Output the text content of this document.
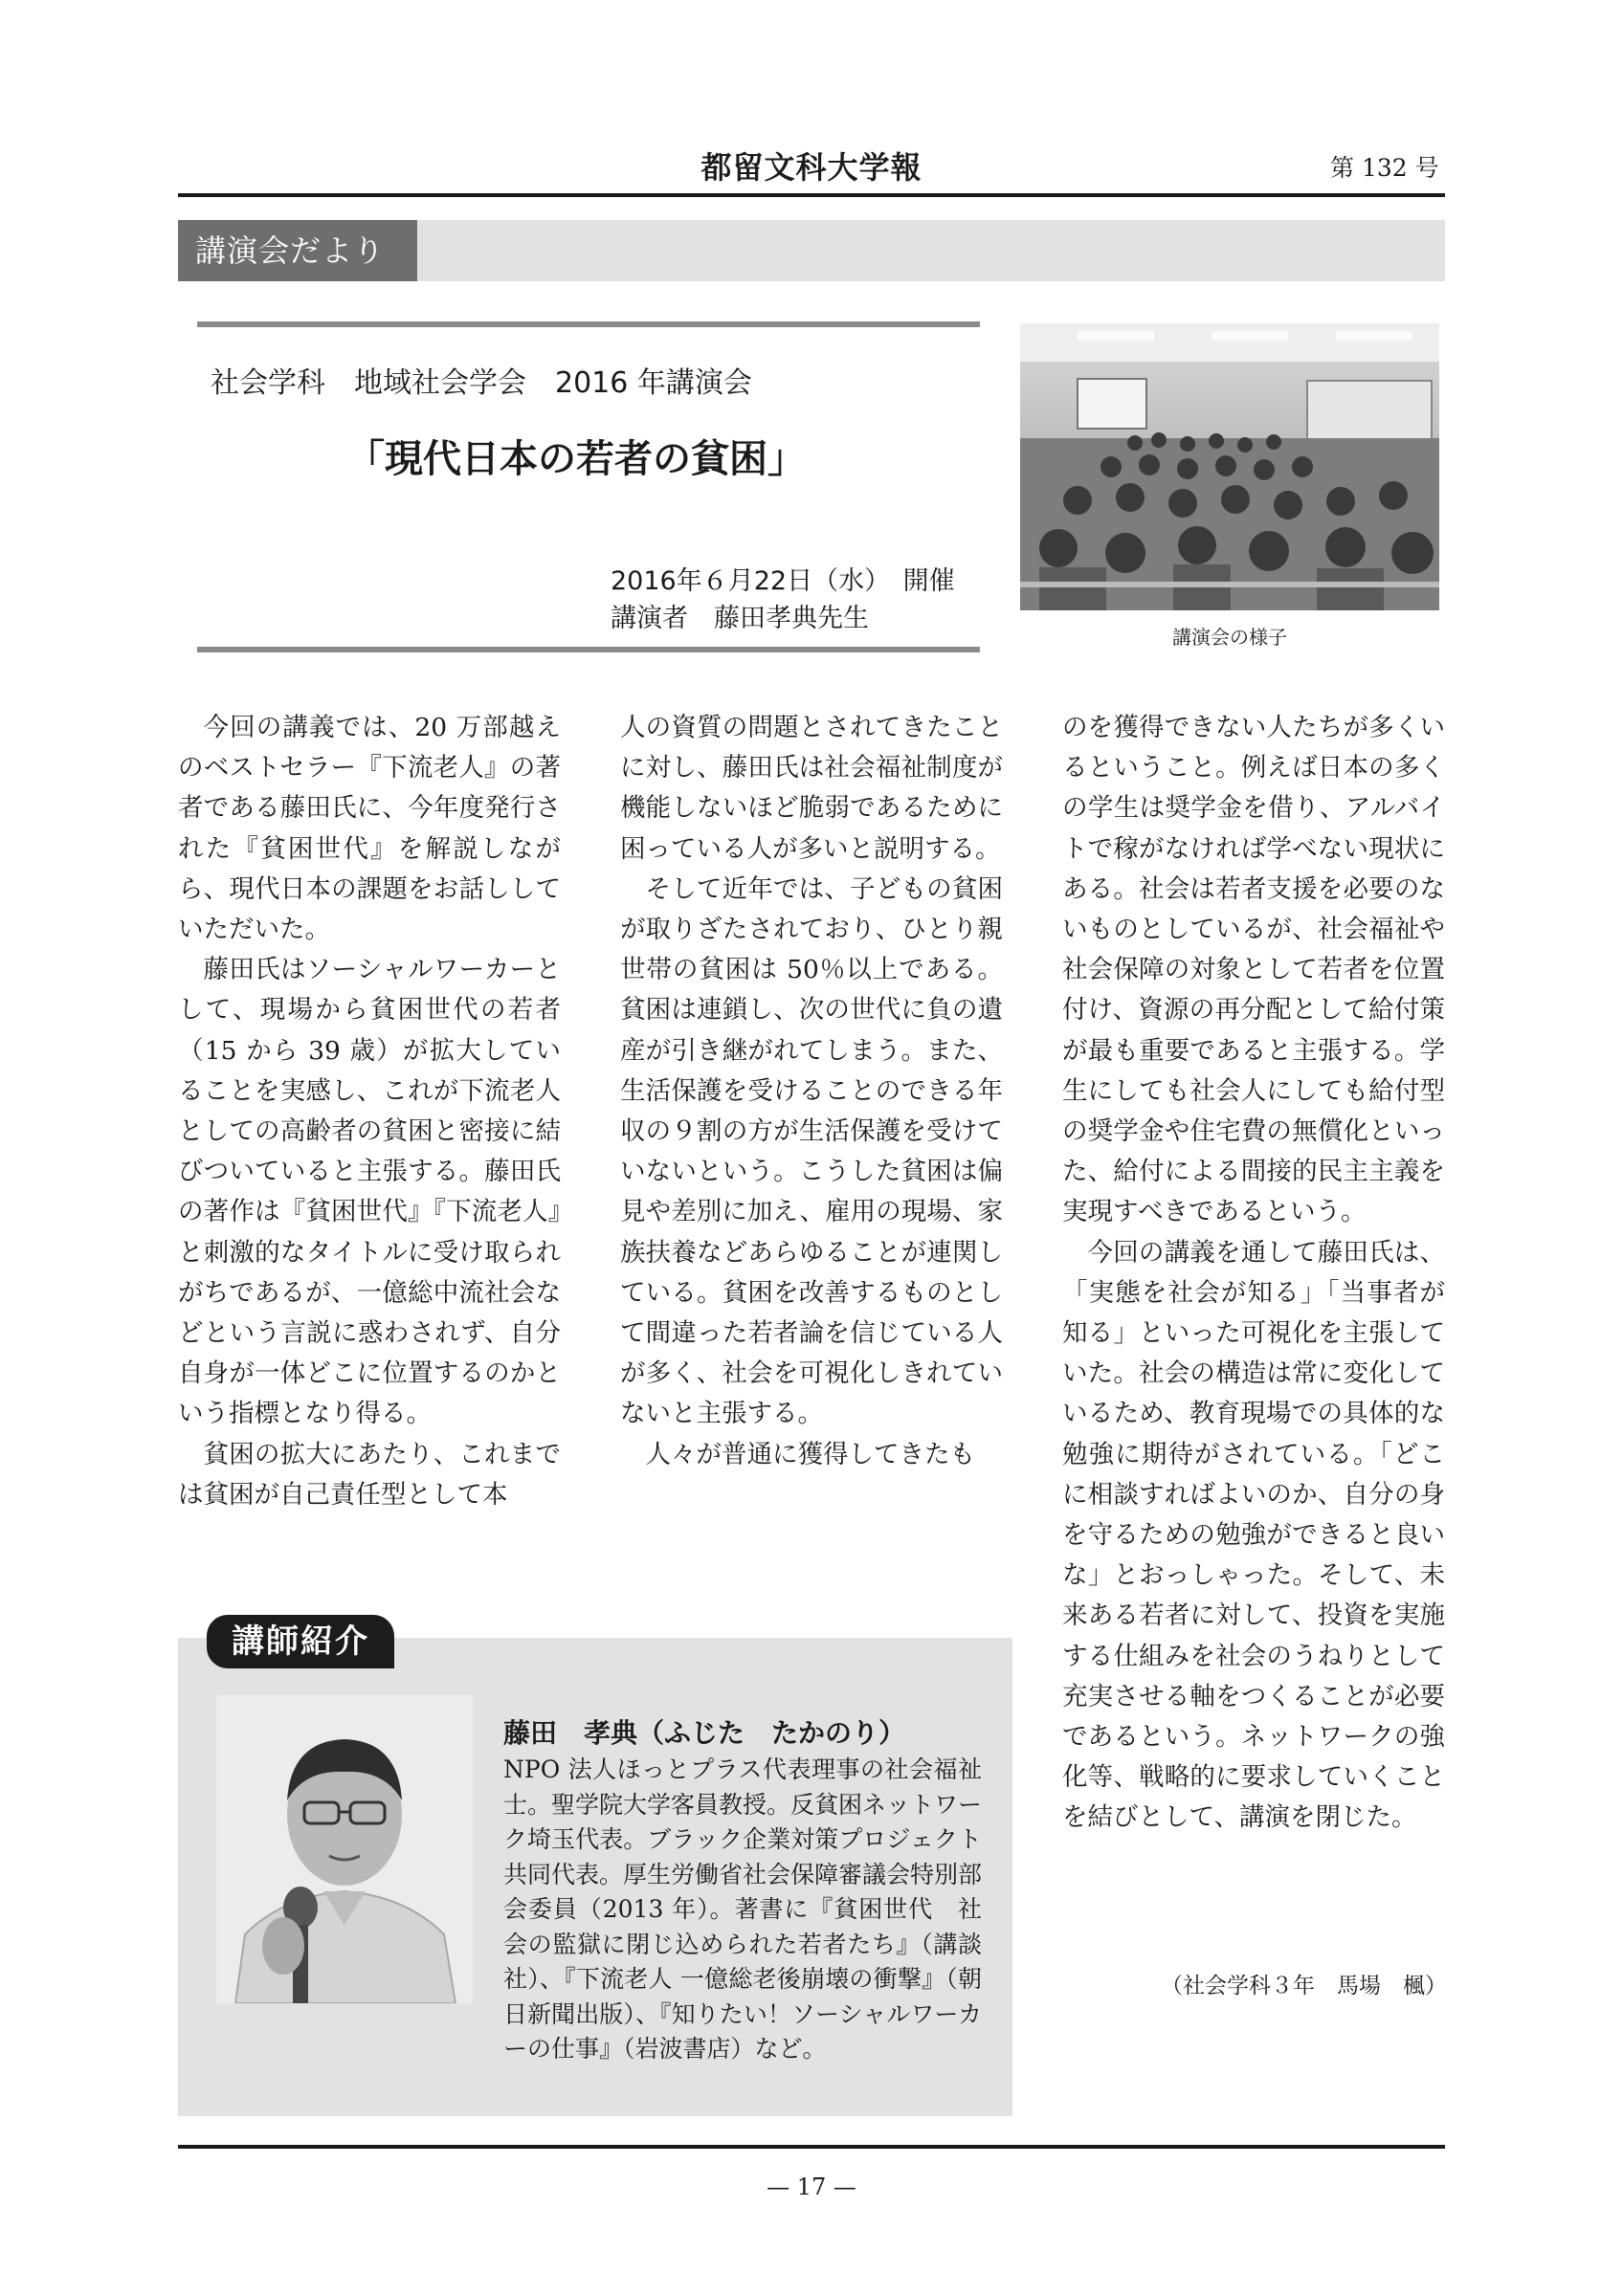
都留文科大学報	第 132 号
講演会だより
社会学科　地域社会学会　2016 年講演会
「現代日本の若者の貧困」
2016年６月22日（水）　開催
講演者　藤田孝典先生
講演会の様子

今回の講義では、20 万部越えのベストセラー『下流老人』の著者である藤田氏に、今年度発行された『貧困世代』を解説しながら、現代日本の課題をお話ししていただいた。

藤田氏はソーシャルワーカーとして、現場から貧困世代の若者（15 から 39 歳）が拡大していることを実感し、これが下流老人としての高齢者の貧困と密接に結びついていると主張する。藤田氏の著作は『貧困世代』『下流老人』と刺激的なタイトルに受け取られがちであるが、一億総中流社会などという言説に惑わされず、自分自身が一体どこに位置するのかという指標となり得る。

貧困の拡大にあたり、これまでは貧困が自己責任型として本

人の資質の問題とされてきたことに対し、藤田氏は社会福祉制度が機能しないほど脆弱であるために困っている人が多いと説明する。

そして近年では、子どもの貧困が取りざたされており、ひとり親世帯の貧困は 50％以上である。貧困は連鎖し、次の世代に負の遺産が引き継がれてしまう。また、生活保護を受けることのできる年収の９割の方が生活保護を受けていないという。こうした貧困は偏見や差別に加え、雇用の現場、家族扶養などあらゆることが連関している。貧困を改善するものとして間違った若者論を信じている人が多く、社会を可視化しきれていないと主張する。

人々が普通に獲得してきたも

のを獲得できない人たちが多くいるということ。例えば日本の多くの学生は奨学金を借り、アルバイトで稼がなければ学べない現状にある。社会は若者支援を必要のないものとしているが、社会福祉や社会保障の対象として若者を位置付け、資源の再分配として給付策が最も重要であると主張する。学生にしても社会人にしても給付型の奨学金や住宅費の無償化といった、給付による間接的民主主義を実現すべきであるという。

今回の講義を通して藤田氏は、「実態を社会が知る」「当事者が知る」といった可視化を主張していた。社会の構造は常に変化しているため、教育現場での具体的な勉強に期待がされている。「どこに相談すればよいのか、自分の身を守るための勉強ができると良いな」とおっしゃった。そして、未来ある若者に対して、投資を実施する仕組みを社会のうねりとして充実させる軸をつくることが必要であるという。ネットワークの強化等、戦略的に要求していくことを結びとして、講演を閉じた。

（社会学科３年　馬場　楓）
講師紹介
藤田　孝典（ふじた　たかのり）
NPO 法人ほっとプラス代表理事の社会福祉士。聖学院大学客員教授。反貧困ネットワーク埼玉代表。ブラック企業対策プロジェクト共同代表。厚生労働省社会保障審議会特別部会委員（2013 年）。著書に『貧困世代　社会の監獄に閉じ込められた若者たち』（講談社）、『下流老人 一億総老後崩壊の衝撃』（朝日新聞出版）、『知りたい！ソーシャルワーカーの仕事』（岩波書店）など。
— 17 —
